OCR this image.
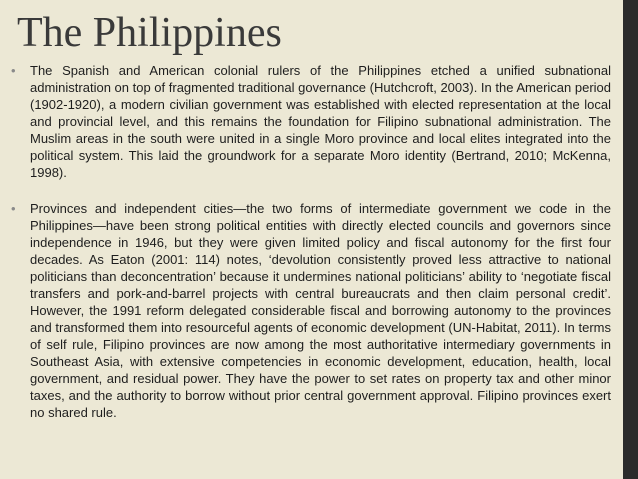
The Philippines
• The Spanish and American colonial rulers of the Philippines etched a unified subnational administration on top of fragmented traditional governance (Hutchcroft, 2003). In the American period (1902-1920), a modern civilian government was established with elected representation at the local and provincial level, and this remains the foundation for Filipino subnational administration. The Muslim areas in the south were united in a single Moro province and local elites integrated into the political system. This laid the groundwork for a separate Moro identity (Bertrand, 2010; McKenna, 1998).
• Provinces and independent cities—the two forms of intermediate government we code in the Philippines—have been strong political entities with directly elected councils and governors since independence in 1946, but they were given limited policy and fiscal autonomy for the first four decades. As Eaton (2001: 114) notes, ‘devolution consistently proved less attractive to national politicians than deconcentration’ because it undermines national politicians’ ability to ‘negotiate fiscal transfers and pork-and-barrel projects with central bureaucrats and then claim personal credit’. However, the 1991 reform delegated considerable fiscal and borrowing autonomy to the provinces and transformed them into resourceful agents of economic development (UN-Habitat, 2011). In terms of self rule, Filipino provinces are now among the most authoritative intermediary governments in Southeast Asia, with extensive competencies in economic development, education, health, local government, and residual power. They have the power to set rates on property tax and other minor taxes, and the authority to borrow without prior central government approval. Filipino provinces exert no shared rule.
